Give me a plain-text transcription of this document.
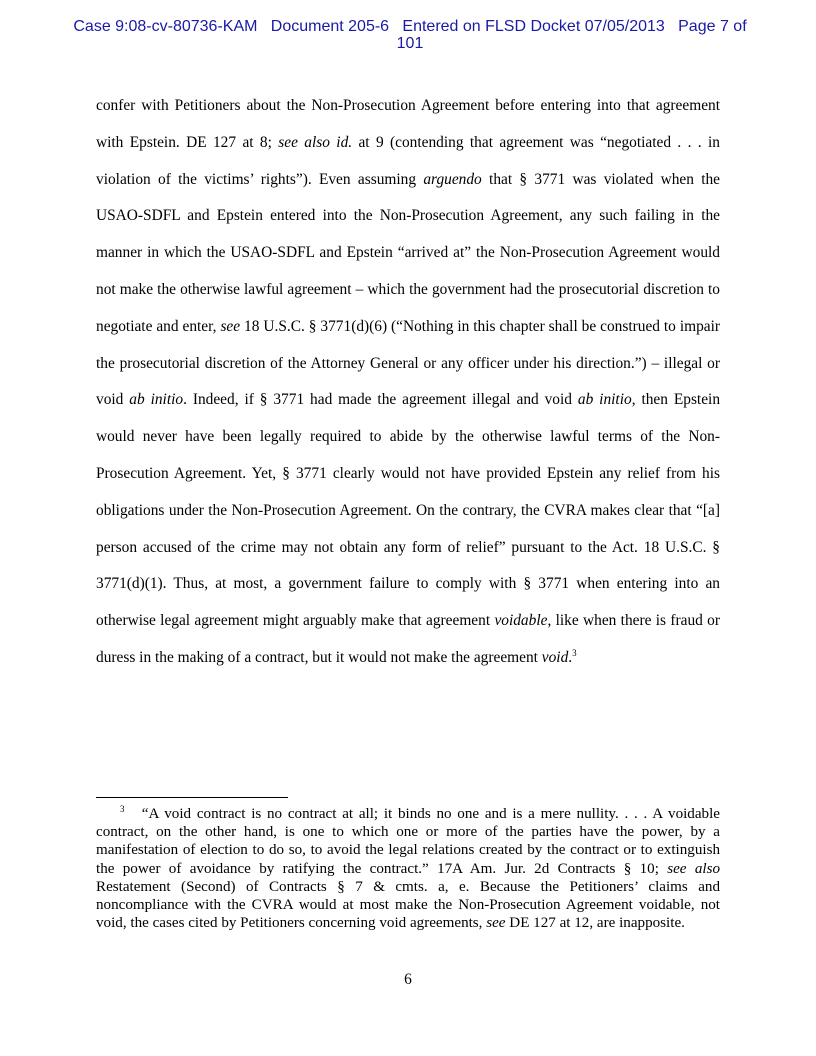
Case 9:08-cv-80736-KAM   Document 205-6   Entered on FLSD Docket 07/05/2013   Page 7 of
101

confer with Petitioners about the Non-Prosecution Agreement before entering into that agreement with Epstein. DE 127 at 8; see also id. at 9 (contending that agreement was “negotiated . . . in violation of the victims’ rights”). Even assuming arguendo that § 3771 was violated when the USAO-SDFL and Epstein entered into the Non-Prosecution Agreement, any such failing in the manner in which the USAO-SDFL and Epstein “arrived at” the Non-Prosecution Agreement would not make the otherwise lawful agreement – which the government had the prosecutorial discretion to negotiate and enter, see 18 U.S.C. § 3771(d)(6) (“Nothing in this chapter shall be construed to impair the prosecutorial discretion of the Attorney General or any officer under his direction.”) – illegal or void ab initio. Indeed, if § 3771 had made the agreement illegal and void ab initio, then Epstein would never have been legally required to abide by the otherwise lawful terms of the Non-Prosecution Agreement. Yet, § 3771 clearly would not have provided Epstein any relief from his obligations under the Non-Prosecution Agreement. On the contrary, the CVRA makes clear that “[a] person accused of the crime may not obtain any form of relief” pursuant to the Act. 18 U.S.C. § 3771(d)(1). Thus, at most, a government failure to comply with § 3771 when entering into an otherwise legal agreement might arguably make that agreement voidable, like when there is fraud or duress in the making of a contract, but it would not make the agreement void.$^3$

$^3$ “A void contract is no contract at all; it binds no one and is a mere nullity. . . . A voidable contract, on the other hand, is one to which one or more of the parties have the power, by a manifestation of election to do so, to avoid the legal relations created by the contract or to extinguish the power of avoidance by ratifying the contract.” 17A Am. Jur. 2d Contracts § 10; see also Restatement (Second) of Contracts § 7 & cmts. a, e. Because the Petitioners’ claims and noncompliance with the CVRA would at most make the Non-Prosecution Agreement voidable, not void, the cases cited by Petitioners concerning void agreements, see DE 127 at 12, are inapposite.

6
